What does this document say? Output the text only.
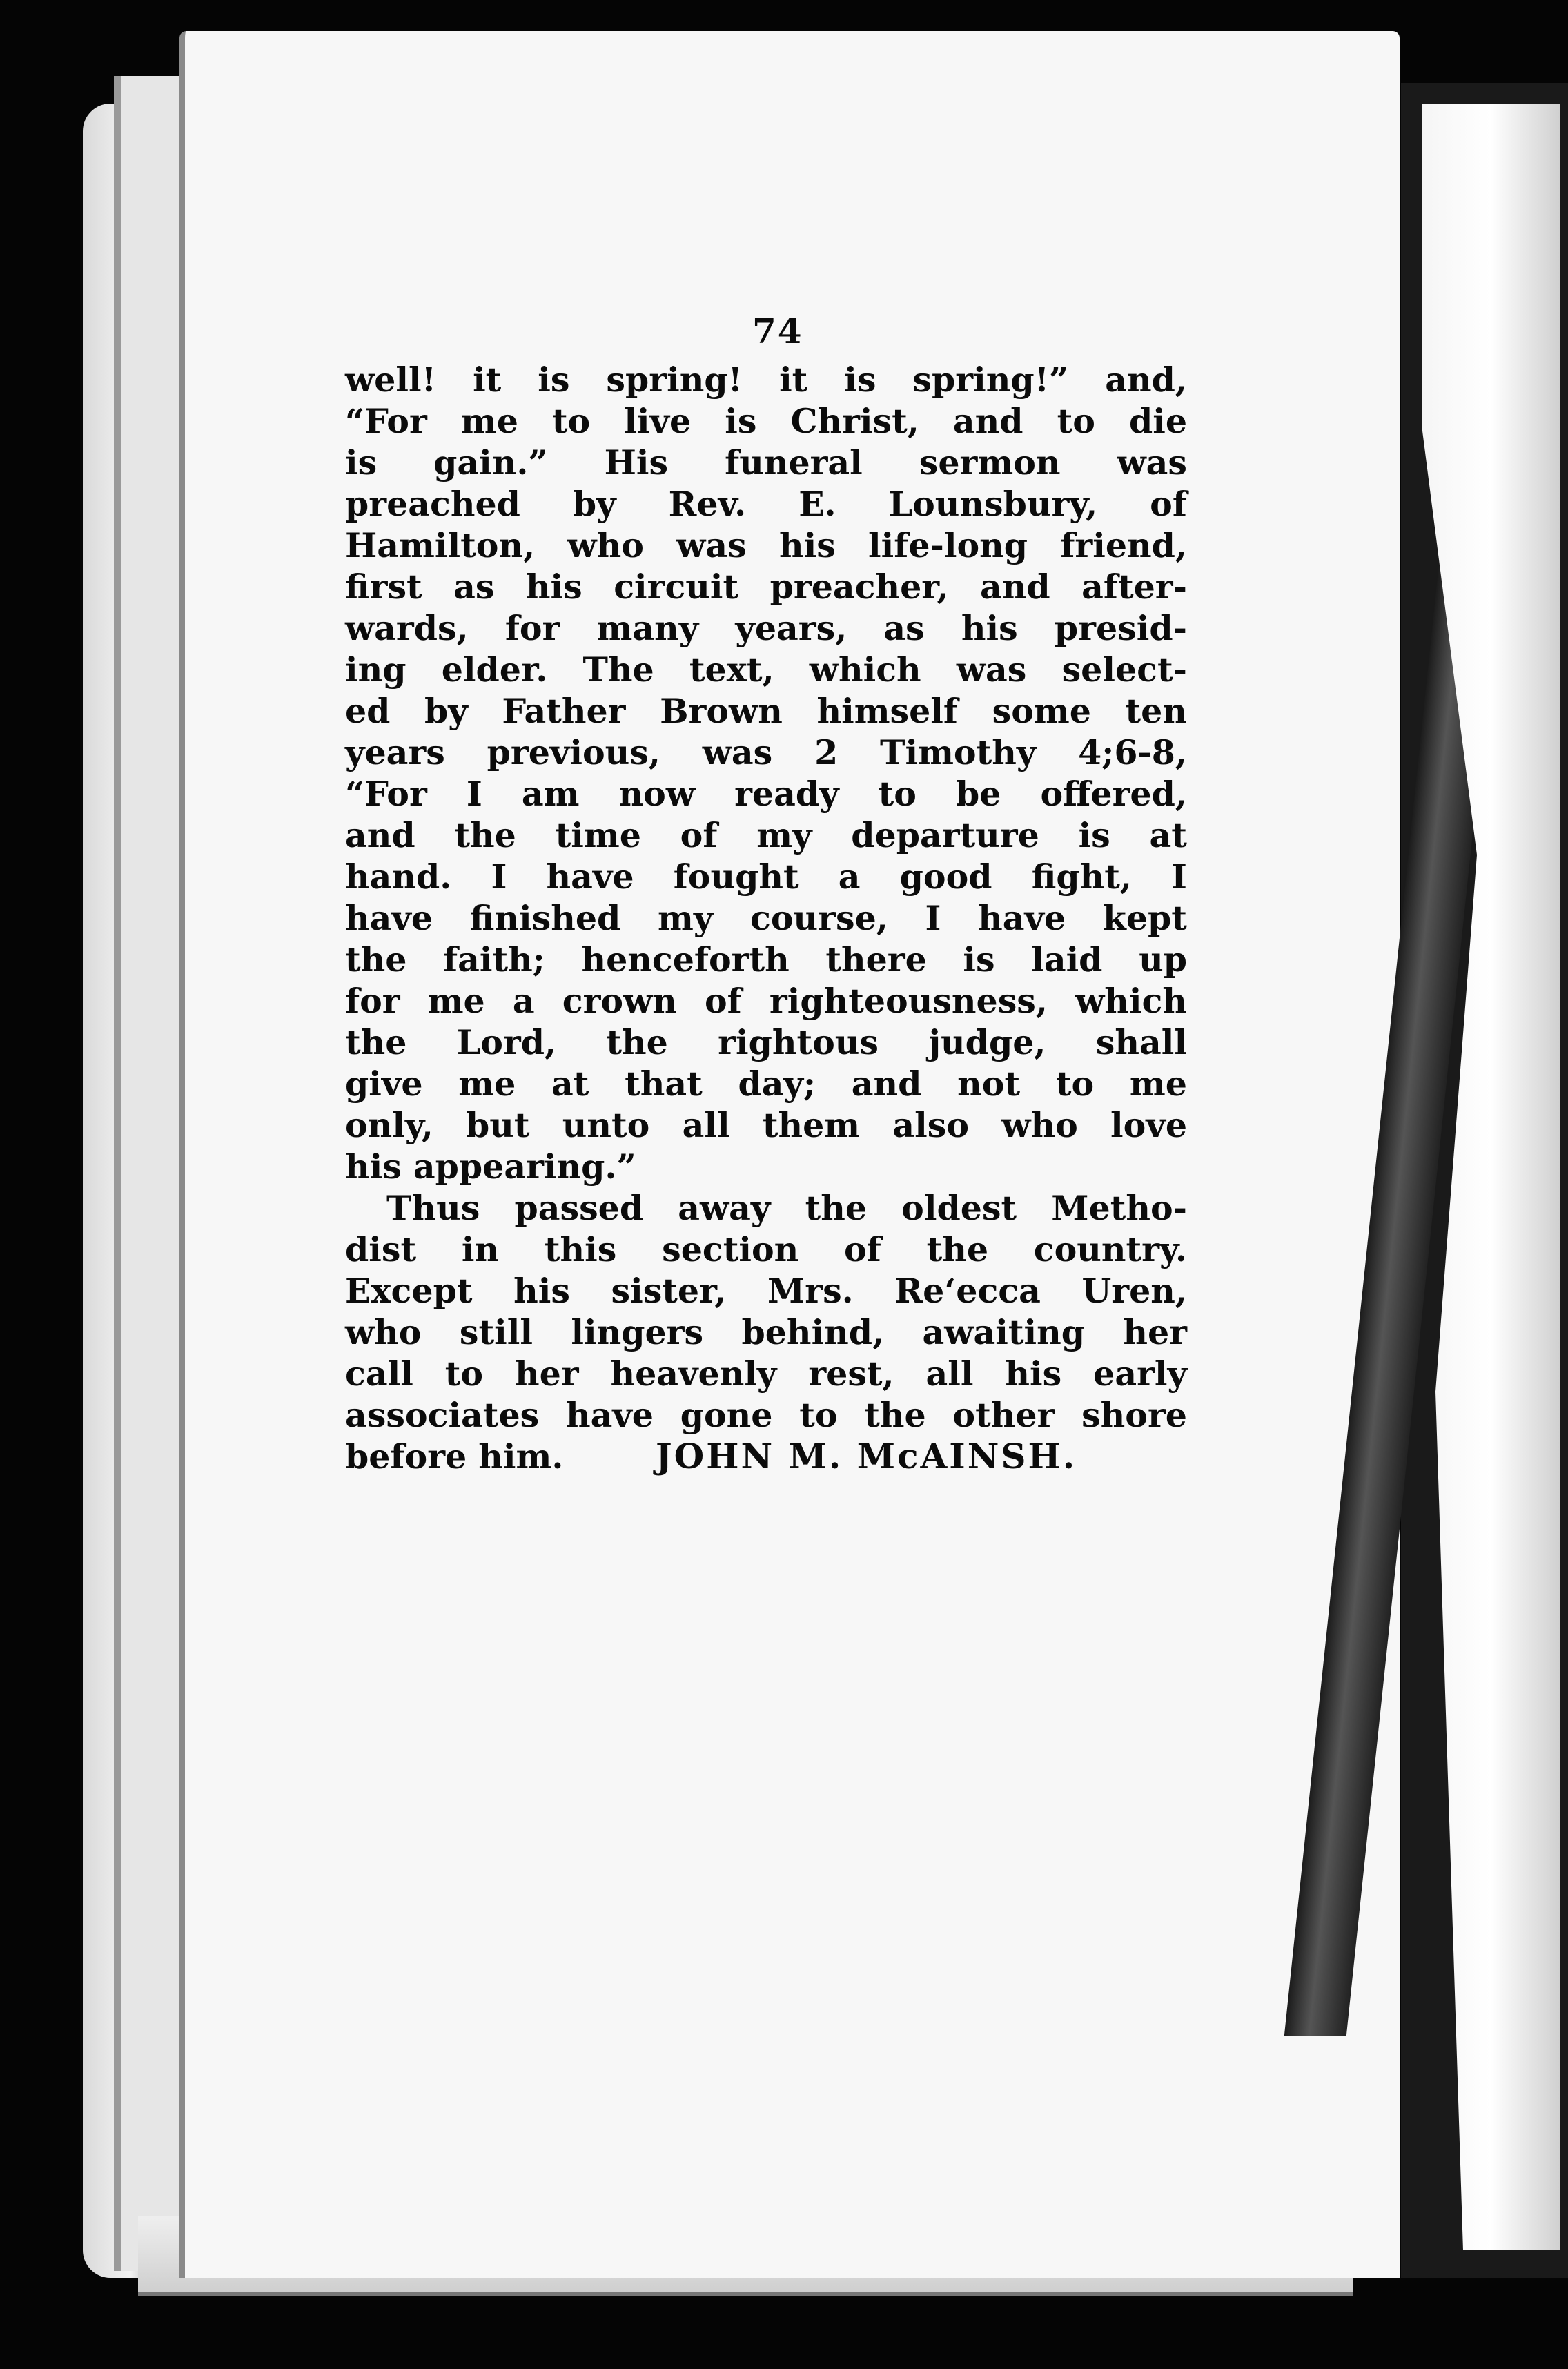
74
well! it is spring! it is spring!” and,
“For me to live is Christ, and to die
is gain.” His funeral sermon was
preached by Rev. E. Lounsbury, of
Hamilton, who was his life-long friend,
first as his circuit preacher, and after-
wards, for many years, as his presid-
ing elder. The text, which was select-
ed by Father Brown himself some ten
years previous, was 2 Timothy 4;6-8,
“For I am now ready to be offered,
and the time of my departure is at
hand. I have fought a good fight, I
have finished my course, I have kept
the faith; henceforth there is laid up
for me a crown of righteousness, which
the Lord, the rightous judge, shall
give me at that day; and not to me
only, but unto all them also who love
his appearing.”
Thus passed away the oldest Metho-
dist in this section of the country.
Except his sister, Mrs. Reʻecca Uren,
who still lingers behind, awaiting her
call to her heavenly rest, all his early
associates have gone to the other shore
before him.	JOHN M. McAINSH.
